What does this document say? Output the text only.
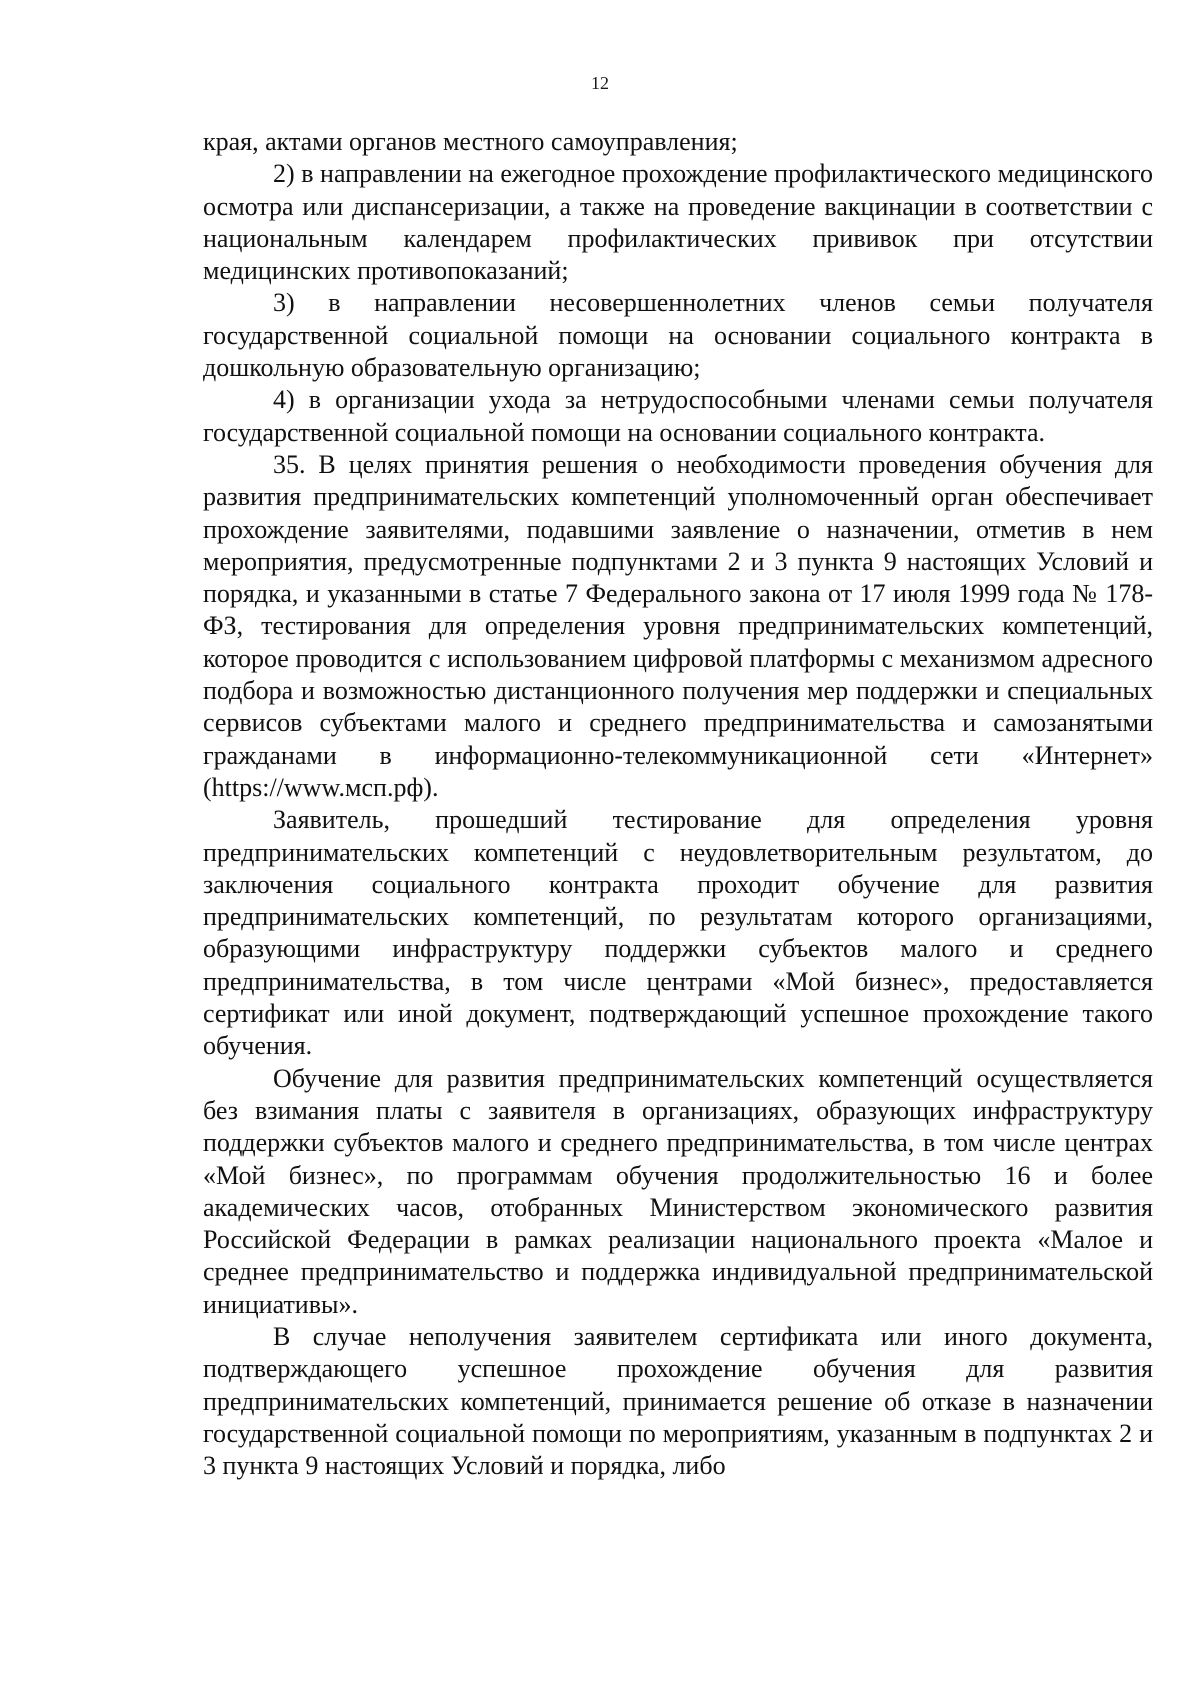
12

края, актами органов местного самоуправления;

2) в направлении на ежегодное прохождение профилактического медицинского осмотра или диспансеризации, а также на проведение вакцинации в соответствии с национальным календарем профилактических прививок при отсутствии медицинских противопоказаний;

3) в направлении несовершеннолетних членов семьи получателя государственной социальной помощи на основании социального контракта в дошкольную образовательную организацию;

4) в организации ухода за нетрудоспособными членами семьи получателя государственной социальной помощи на основании социального контракта.

35. В целях принятия решения о необходимости проведения обучения для развития предпринимательских компетенций уполномоченный орган обеспечивает прохождение заявителями, подавшими заявление о назначении, отметив в нем мероприятия, предусмотренные подпунктами 2 и 3 пункта 9 настоящих Условий и порядка, и указанными в статье 7 Федерального закона от 17 июля 1999 года № 178-ФЗ, тестирования для определения уровня предпринимательских компетенций, которое проводится с использованием цифровой платформы с механизмом адресного подбора и возможностью дистанционного получения мер поддержки и специальных сервисов субъектами малого и среднего предпринимательства и самозанятыми гражданами в информационно-телекоммуникационной сети «Интернет» (https://www.мсп.рф).

Заявитель, прошедший тестирование для определения уровня предпринимательских компетенций с неудовлетворительным результатом, до заключения социального контракта проходит обучение для развития предпринимательских компетенций, по результатам которого организациями, образующими инфраструктуру поддержки субъектов малого и среднего предпринимательства, в том числе центрами «Мой бизнес», предоставляется сертификат или иной документ, подтверждающий успешное прохождение такого обучения.

Обучение для развития предпринимательских компетенций осуществляется без взимания платы с заявителя в организациях, образующих инфраструктуру поддержки субъектов малого и среднего предпринимательства, в том числе центрах «Мой бизнес», по программам обучения продолжительностью 16 и более академических часов, отобранных Министерством экономического развития Российской Федерации в рамках реализации национального проекта «Малое и среднее предпринимательство и поддержка индивидуальной предпринимательской инициативы».

В случае неполучения заявителем сертификата или иного документа, подтверждающего успешное прохождение обучения для развития предпринимательских компетенций, принимается решение об отказе в назначении государственной социальной помощи по мероприятиям, указанным в подпунктах 2 и 3 пункта 9 настоящих Условий и порядка, либо
